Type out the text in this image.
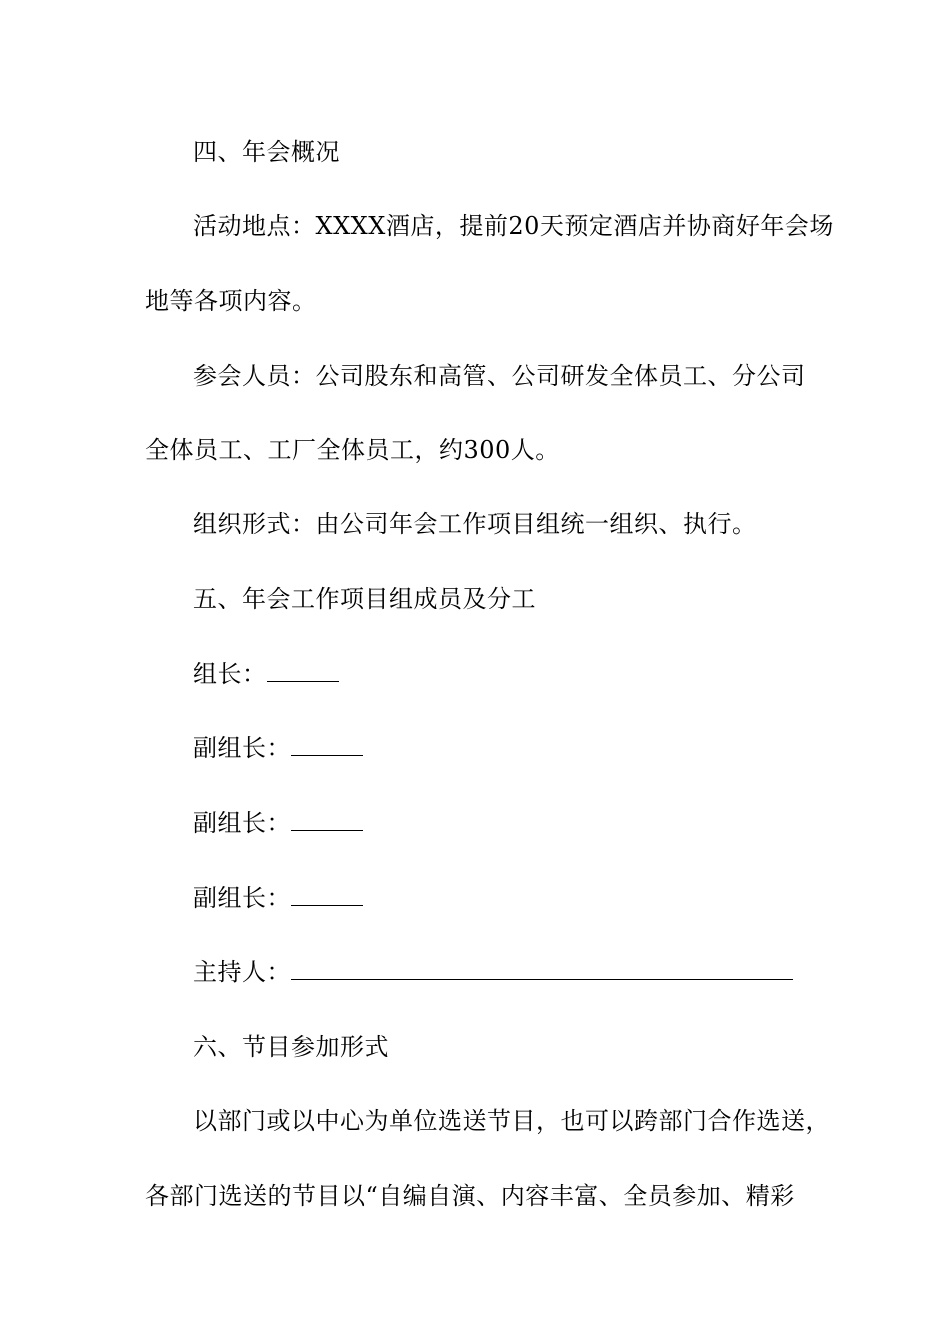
四、年会概况
活动地点：XXXX酒店，提前20天预定酒店并协商好年会场
地等各项内容。
参会人员：公司股东和高管、公司研发全体员工、分公司
全体员工、工厂全体员工，约300人。
组织形式：由公司年会工作项目组统一组织、执行。
五、年会工作项目组成员及分工
组长：
副组长：
副组长：
副组长：
主持人：
六、节目参加形式
以部门或以中心为单位选送节目，也可以跨部门合作选送，
各部门选送的节目以“自编自演、内容丰富、全员参加、精彩
